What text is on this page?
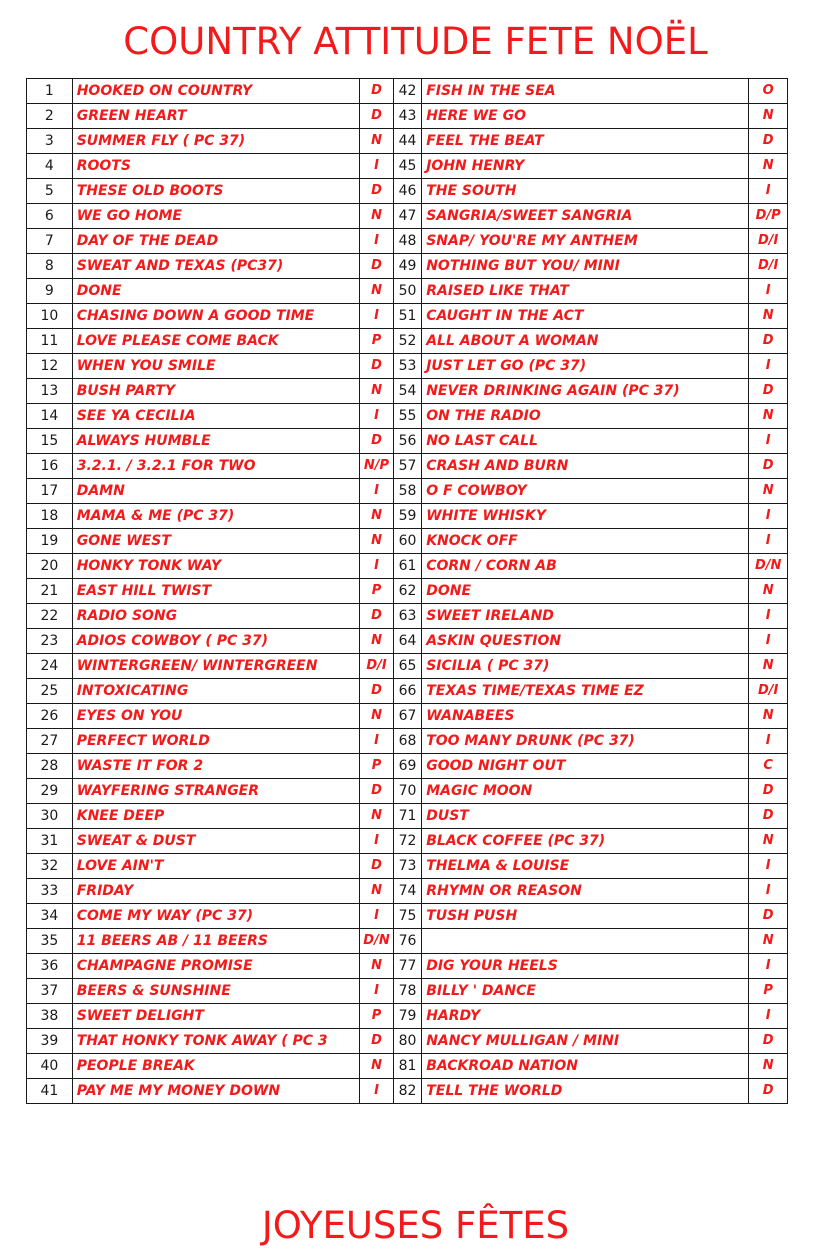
COUNTRY ATTITUDE FETE NOËL
1	HOOKED ON COUNTRY	D	42	FISH IN THE SEA	O
2	GREEN HEART	D	43	HERE WE GO	N
3	SUMMER FLY ( PC 37)	N	44	FEEL THE BEAT	D
4	ROOTS	I	45	JOHN HENRY	N
5	THESE OLD BOOTS	D	46	THE SOUTH	I
6	WE GO HOME	N	47	SANGRIA/SWEET SANGRIA	D/P
7	DAY OF THE DEAD	I	48	SNAP/ YOU'RE MY ANTHEM	D/I
8	SWEAT AND TEXAS (PC37)	D	49	NOTHING BUT YOU/ MINI	D/I
9	DONE	N	50	RAISED LIKE THAT	I
10	CHASING DOWN A GOOD TIME	I	51	CAUGHT IN THE ACT	N
11	LOVE PLEASE COME BACK	P	52	ALL ABOUT A WOMAN	D
12	WHEN YOU SMILE	D	53	JUST LET GO (PC 37)	I
13	BUSH PARTY	N	54	NEVER DRINKING AGAIN (PC 37)	D
14	SEE YA CECILIA	I	55	ON THE RADIO	N
15	ALWAYS HUMBLE	D	56	NO LAST CALL	I
16	3.2.1. / 3.2.1 FOR TWO	N/P	57	CRASH AND BURN	D
17	DAMN	I	58	O F COWBOY	N
18	MAMA & ME (PC 37)	N	59	WHITE WHISKY	I
19	GONE WEST	N	60	KNOCK OFF	I
20	HONKY TONK WAY	I	61	CORN / CORN AB	D/N
21	EAST HILL TWIST	P	62	DONE	N
22	RADIO SONG	D	63	SWEET IRELAND	I
23	ADIOS COWBOY ( PC 37)	N	64	ASKIN QUESTION	I
24	WINTERGREEN/ WINTERGREEN	D/I	65	SICILIA ( PC 37)	N
25	INTOXICATING	D	66	TEXAS TIME/TEXAS TIME EZ	D/I
26	EYES ON YOU	N	67	WANABEES	N
27	PERFECT WORLD	I	68	TOO MANY DRUNK (PC 37)	I
28	WASTE IT FOR 2	P	69	GOOD NIGHT OUT	C
29	WAYFERING STRANGER	D	70	MAGIC MOON	D
30	KNEE DEEP	N	71	DUST	D
31	SWEAT & DUST	I	72	BLACK COFFEE (PC 37)	N
32	LOVE AIN'T	D	73	THELMA & LOUISE	I
33	FRIDAY	N	74	RHYMN OR REASON	I
34	COME MY WAY (PC 37)	I	75	TUSH PUSH	D
35	11 BEERS AB / 11 BEERS	D/N	76		N
36	CHAMPAGNE PROMISE	N	77	DIG YOUR HEELS	I
37	BEERS & SUNSHINE	I	78	BILLY ' DANCE	P
38	SWEET DELIGHT	P	79	HARDY	I
39	THAT HONKY TONK AWAY ( PC 3	D	80	NANCY MULLIGAN / MINI	D
40	PEOPLE BREAK	N	81	BACKROAD NATION	N
41	PAY ME MY MONEY DOWN	I	82	TELL THE WORLD	D
JOYEUSES FÊTES
